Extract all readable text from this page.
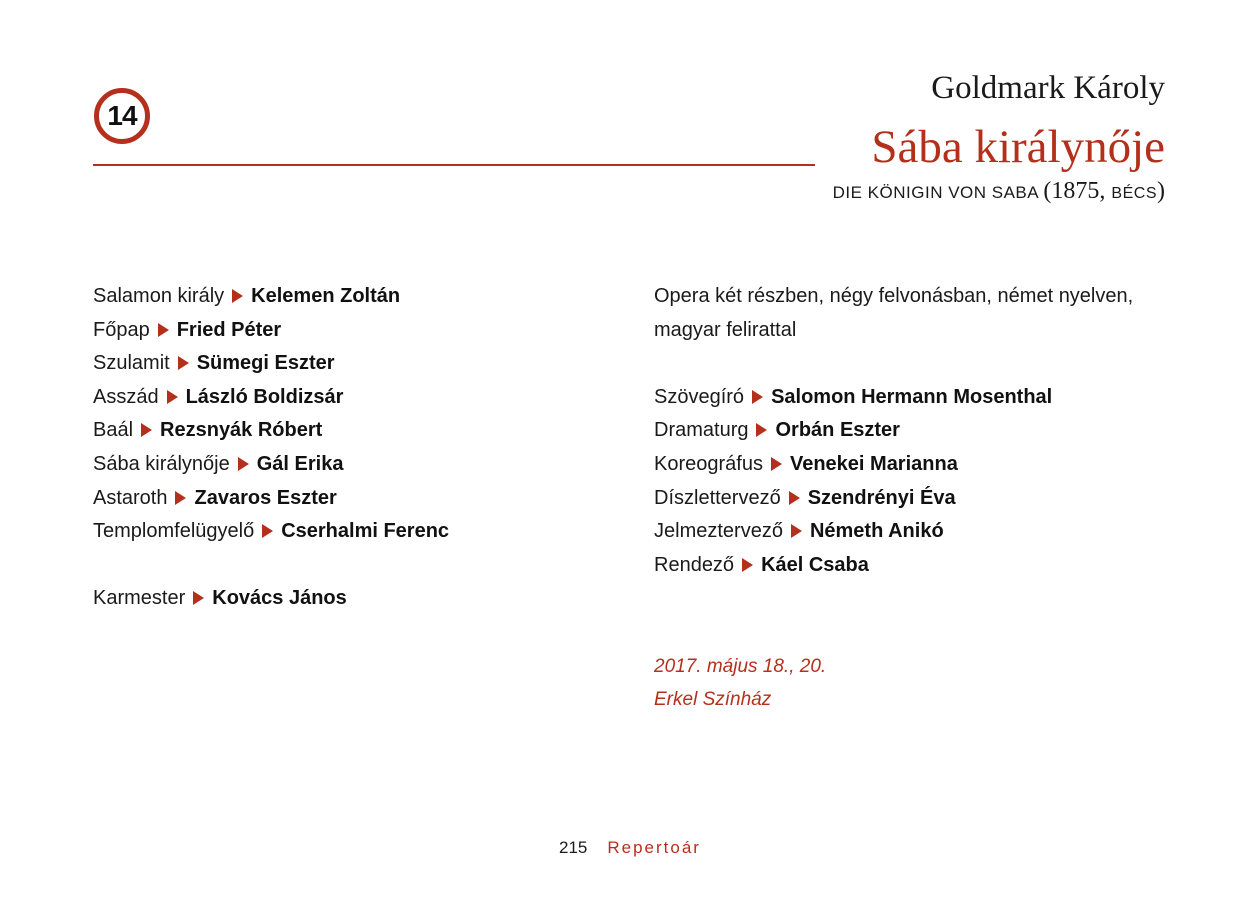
14
Goldmark Károly
Sába királynője
DIE KÖNIGIN VON SABA (1875, BÉCS)
Salamon király Kelemen Zoltán
Főpap Fried Péter
Szulamit Sümegi Eszter
Asszád László Boldizsár
Baál Rezsnyák Róbert
Sába királynője Gál Erika
Astaroth Zavaros Eszter
Templomfelügyelő Cserhalmi Ferenc
Karmester Kovács János
Opera két részben, négy felvonásban, német nyelven,
magyar felirattal
Szövegíró Salomon Hermann Mosenthal
Dramaturg Orbán Eszter
Koreográfus Venekei Marianna
Díszlettervező Szendrényi Éva
Jelmeztervező Németh Anikó
Rendező Káel Csaba
2017. május 18., 20.
Erkel Színház
215 Repertoár
